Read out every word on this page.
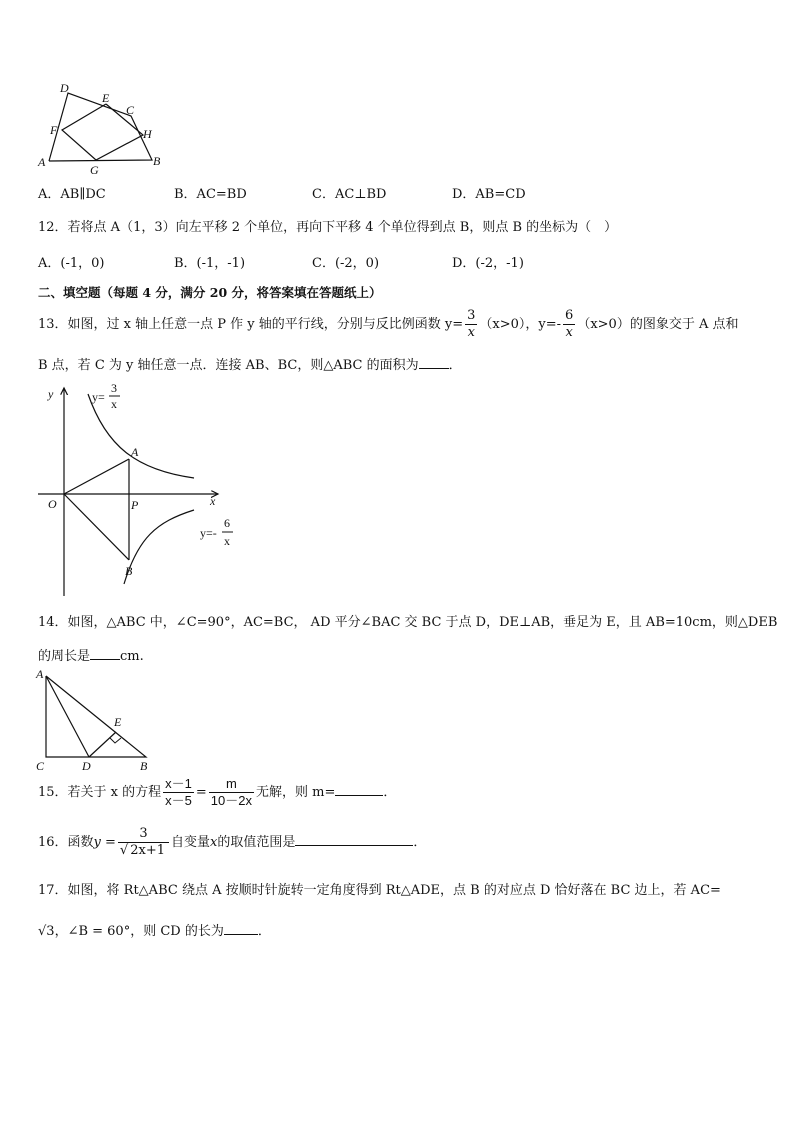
D
E
C
F	H
A
G
B
A．AB∥DC	B．AC=BD	C．AC⊥BD	D．AB=CD
12．若将点 A（1，3）向左平移 2 个单位，再向下平移 4 个单位得到点 B，则点 B 的坐标为（　）
A．(-1，0)	B．(-1，-1)	C．(-2，0)	D．(-2，-1)
二、填空题（每题 4 分，满分 20 分，将答案填在答题纸上）
13．如图，过 x 轴上任意一点 P 作 y 轴的平行线，分别与反比例函数 $y= \frac{3}{x} (x>0)$，$y=- \frac{6}{x} (x>0)$的图象交于 A 点和
B 点，若 C 为 y 轴任意一点．连接 AB、BC，则△ABC 的面积为 ．
y
x
O
A
P
B
y=
3
x
y=-
6
x
14．如图，△ABC 中，∠C=90°，AC=BC， AD 平分∠BAC 交 BC 于点 D，DE⊥AB，垂足为 E，且 AB=10cm，则△DEB
的周长是 cm.
A
E
C	D	B
15．若关于 x 的方程 $\frac{x-1}{x-5} = \frac{m}{10-2x}$ 无解，则 m=	．
16．函数$y = \frac{3}{√ 2x+1}$ 自变量x的取值范围是	．
17．如图，将 Rt△ABC 绕点 A 按顺时针旋转一定角度得到 Rt△ADE，点 B 的对应点 D 恰好落在 BC 边上，若 AC=
√3，∠B = 60°，则 CD 的长为	．
